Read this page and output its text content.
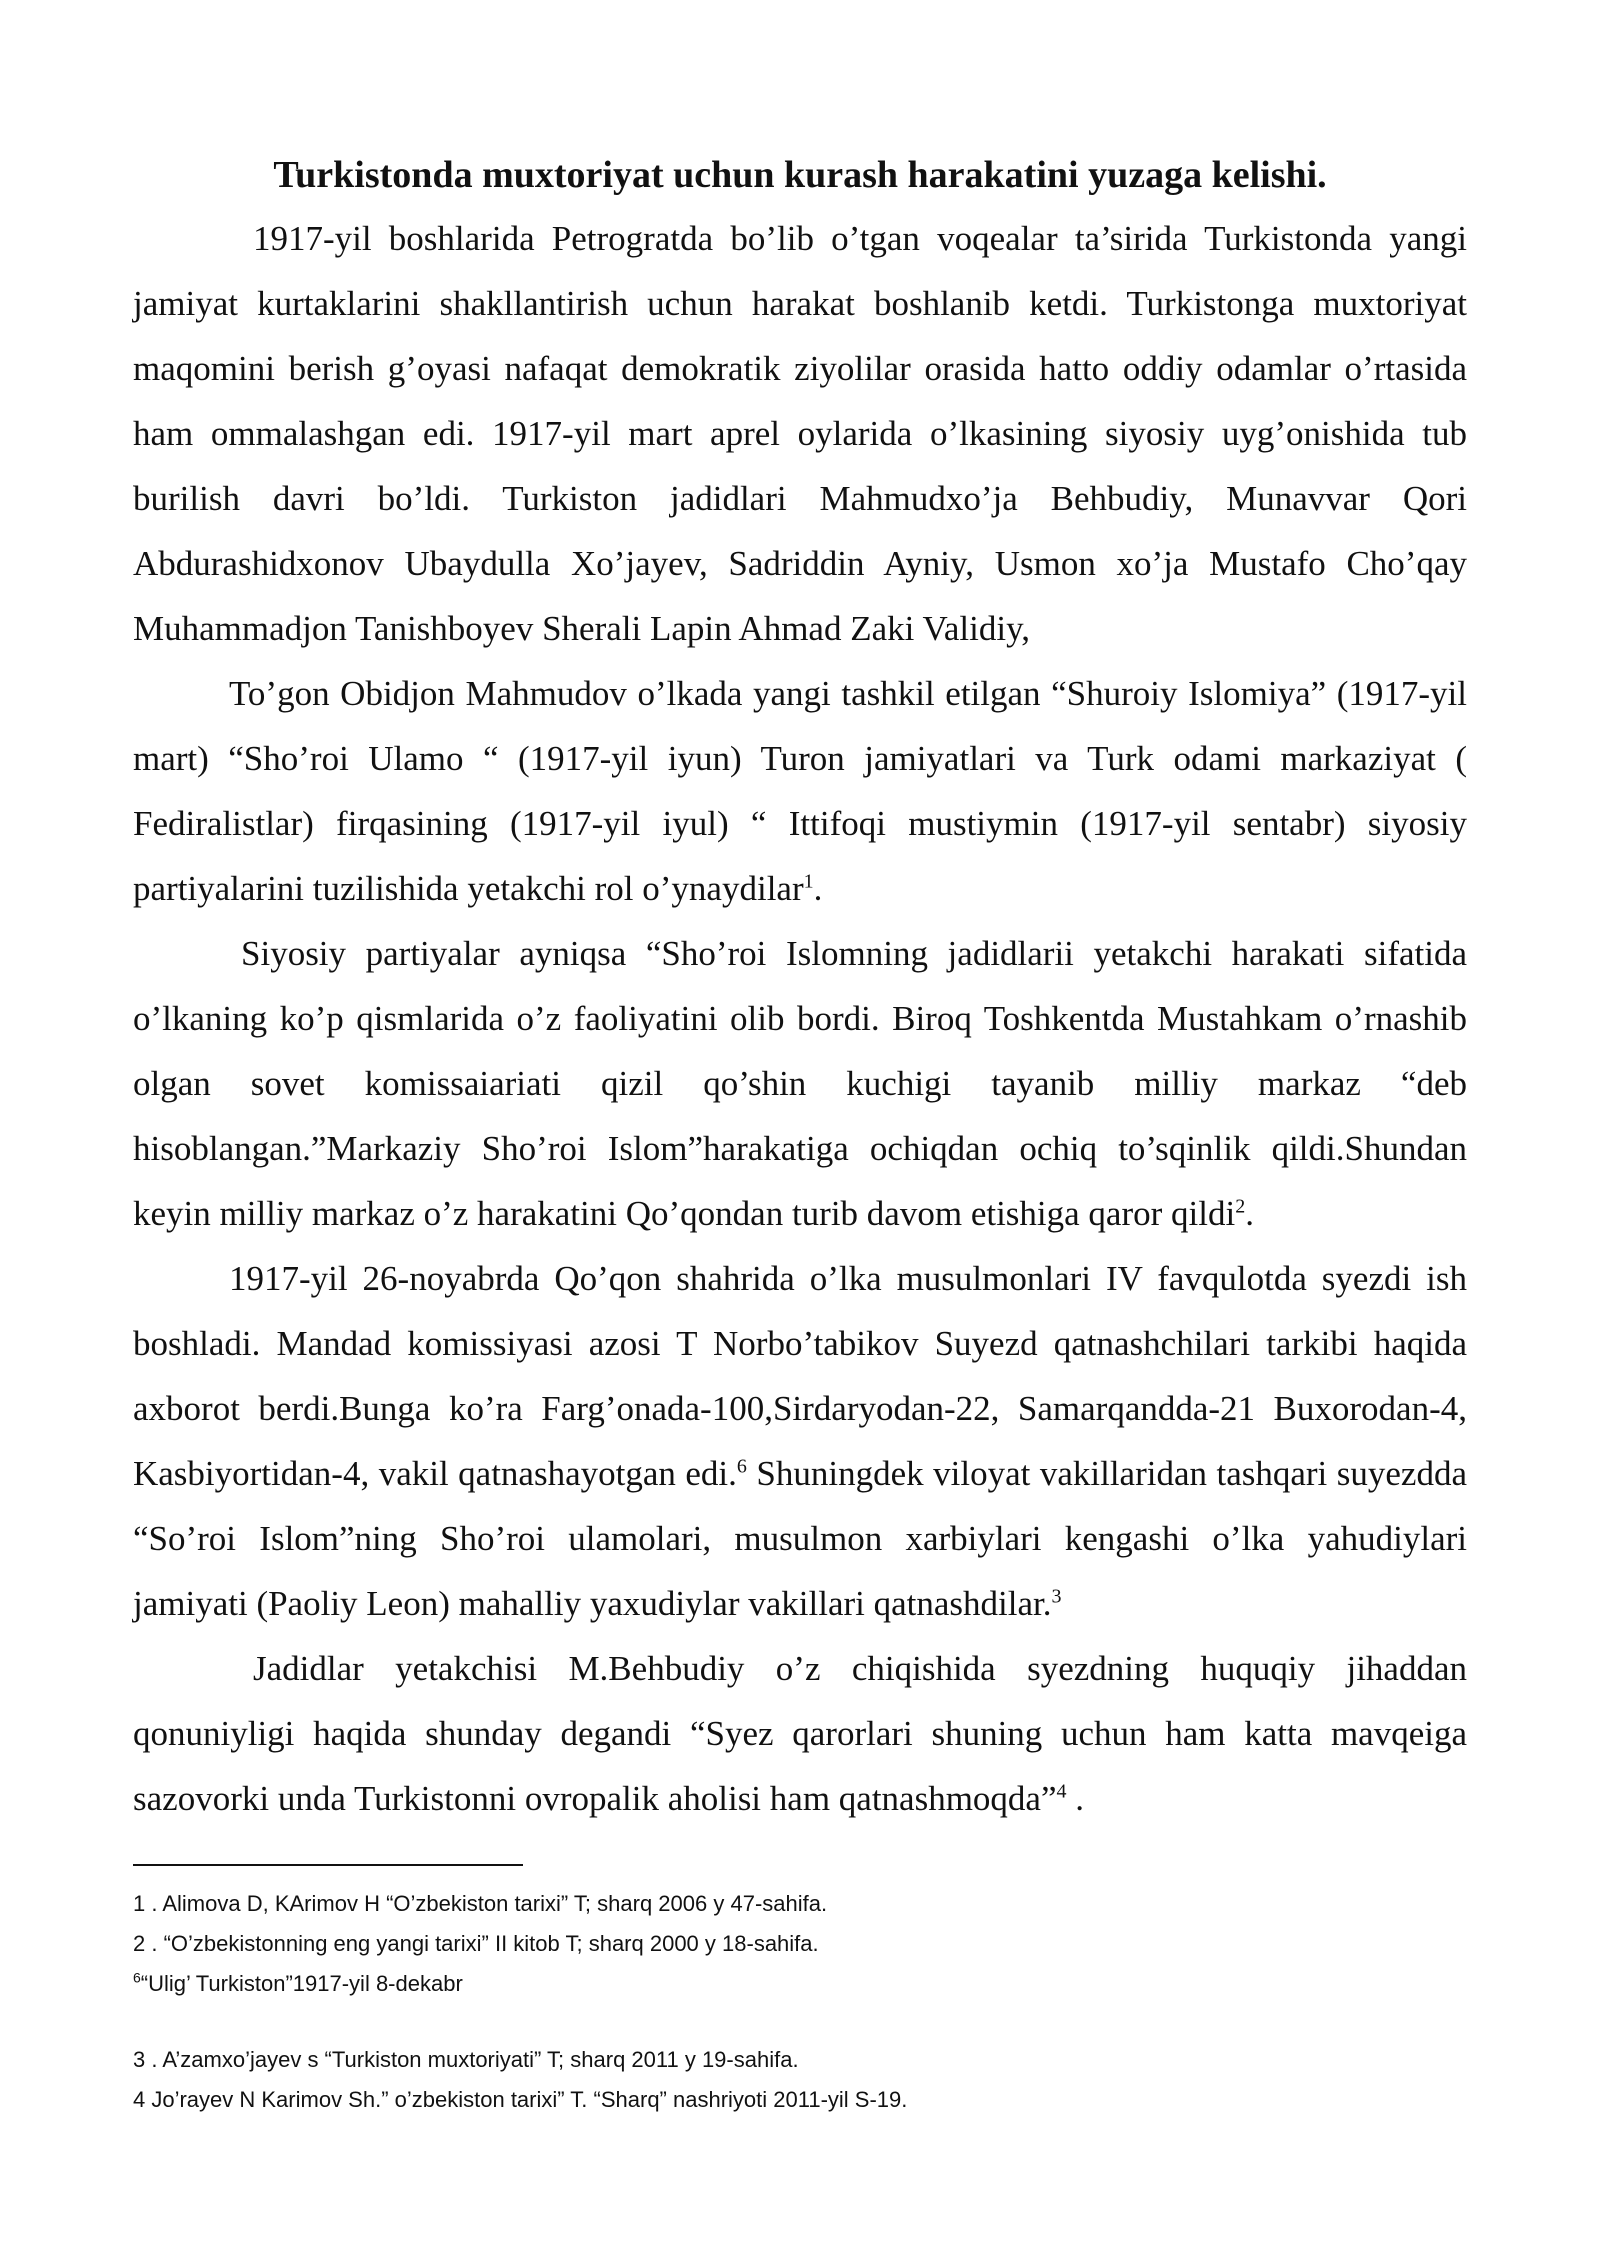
Turkistonda muxtoriyat uchun kurash harakatini yuzaga kelishi.

1917-yil boshlarida Petrogratda bo’lib o’tgan voqealar ta’sirida Turkistonda yangi jamiyat kurtaklarini shakllantirish uchun harakat boshlanib ketdi. Turkistonga muxtoriyat maqomini berish g’oyasi nafaqat demokratik ziyolilar orasida hatto oddiy odamlar o’rtasida ham ommalashgan edi. 1917-yil mart aprel oylarida o’lkasining siyosiy uyg’onishida tub burilish davri bo’ldi. Turkiston jadidlari Mahmudxo’ja Behbudiy, Munavvar Qori Abdurashidxonov Ubaydulla Xo’jayev, Sadriddin Ayniy, Usmon xo’ja Mustafo Cho’qay Muhammadjon Tanishboyev Sherali Lapin Ahmad Zaki Validiy,

To’gon Obidjon Mahmudov o’lkada yangi tashkil etilgan “Shuroiy Islomiya” (1917-yil mart) “Sho’roi Ulamo “ (1917-yil iyun) Turon jamiyatlari va Turk odami markaziyat ( Fediralistlar) firqasining (1917-yil iyul) “ Ittifoqi mustiymin (1917-yil sentabr) siyosiy partiyalarini tuzilishida yetakchi rol o’ynaydilar$^1$.

Siyosiy partiyalar ayniqsa “Sho’roi Islomning jadidlarii yetakchi harakati sifatida o’lkaning ko’p qismlarida o’z faoliyatini olib bordi. Biroq Toshkentda Mustahkam o’rnashib olgan sovet komissaiariati qizil qo’shin kuchigi tayanib milliy markaz “deb hisoblangan.”Markaziy Sho’roi Islom”harakatiga ochiqdan ochiq to’sqinlik qildi.Shundan keyin milliy markaz o’z harakatini Qo’qondan turib davom etishiga qaror qildi$^2$.

1917-yil 26-noyabrda Qo’qon shahrida o’lka musulmonlari IV favqulotda syezdi ish boshladi. Mandad komissiyasi azosi T Norbo’tabikov Suyezd qatnashchilari tarkibi haqida axborot berdi.Bunga ko’ra Farg’onada-100,Sirdaryodan-22, Samarqandda-21 Buxorodan-4, Kasbiyortidan-4, vakil qatnashayotgan edi.$^6$ Shuningdek viloyat vakillaridan tashqari suyezdda “So’roi Islom”ning Sho’roi ulamolari, musulmon xarbiylari kengashi o’lka yahudiylari jamiyati (Paoliy Leon) mahalliy yaxudiylar vakillari qatnashdilar.$^3$

Jadidlar yetakchisi M.Behbudiy o’z chiqishida syezdning huquqiy jihaddan qonuniyligi haqida shunday degandi “Syez qarorlari shuning uchun ham katta mavqeiga sazovorki unda Turkistonni ovropalik aholisi ham qatnashmoqda”$^4$ .

1 . Alimova D, KArimov H “O’zbekiston tarixi” T; sharq 2006 y 47-sahifa.

2 . “O’zbekistonning eng yangi tarixi” II kitob T; sharq 2000 y 18-sahifa.

$^6$“Ulig’ Turkiston”1917-yil 8-dekabr

3 . A’zamxo’jayev s “Turkiston muxtoriyati” T; sharq 2011 y 19-sahifa.

4 Jo’rayev N Karimov Sh.” o’zbekiston tarixi” T. “Sharq” nashriyoti 2011-yil S-19.
